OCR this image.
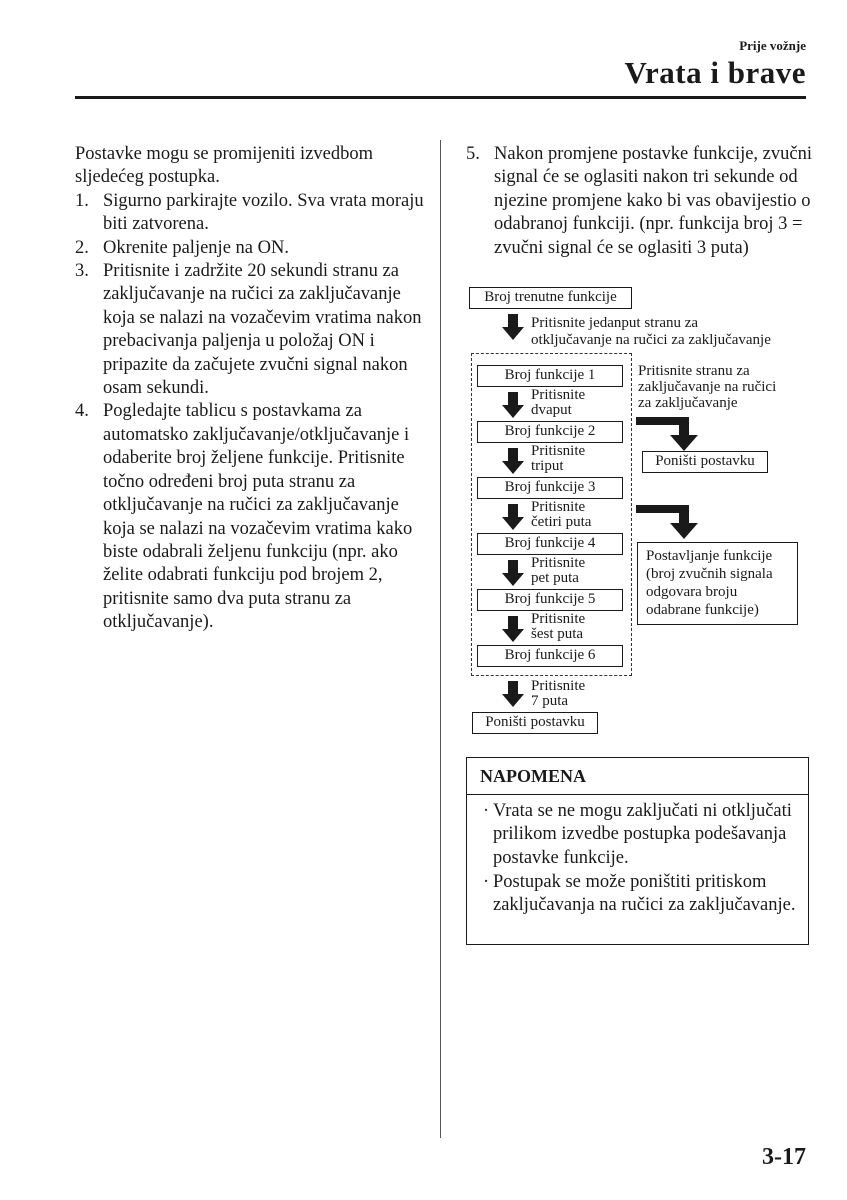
Prije vožnje
Vrata i brave
Postavke mogu se promijeniti izvedbom sljedećeg postupka.
1. Sigurno parkirajte vozilo. Sva vrata moraju biti zatvorena.
2. Okrenite paljenje na ON.
3. Pritisnite i zadržite 20 sekundi stranu za zaključavanje na ručici za zaključavanje koja se nalazi na vozačevim vratima nakon prebacivanja paljenja u položaj ON i pripazite da začujete zvučni signal nakon osam sekundi.
4. Pogledajte tablicu s postavkama za automatsko zaključavanje/otključavanje i odaberite broj željene funkcije. Pritisnite točno određeni broj puta stranu za otključavanje na ručici za zaključavanje koja se nalazi na vozačevim vratima kako biste odabrali željenu funkciju (npr. ako želite odabrati funkciju pod brojem 2, pritisnite samo dva puta stranu za otključavanje).
5. Nakon promjene postavke funkcije, zvučni signal će se oglasiti nakon tri sekunde od njezine promjene kako bi vas obavijestio o odabranoj funkciji. (npr. funkcija broj 3 = zvučni signal će se oglasiti 3 puta)
Broj trenutne funkcije
Pritisnite jedanput stranu za
otključavanje na ručici za zaključavanje
Broj funkcije 1
Broj funkcije 2
Broj funkcije 3
Broj funkcije 4
Broj funkcije 5
Broj funkcije 6
Pritisnite
dvaput
Pritisnite
triput
Pritisnite
četiri puta
Pritisnite
pet puta
Pritisnite
šest puta
Pritisnite
7 puta
Poništi postavku
Pritisnite stranu za
zaključavanje na ručici
za zaključavanje
Poništi postavku
Postavljanje funkcije
(broj zvučnih signala
odgovara broju
odabrane funkcije)
NAPOMENA
· Vrata se ne mogu zaključati ni otključati prilikom izvedbe postupka podešavanja postavke funkcije.
· Postupak se može poništiti pritiskom zaključavanja na ručici za zaključavanje.
3-17
